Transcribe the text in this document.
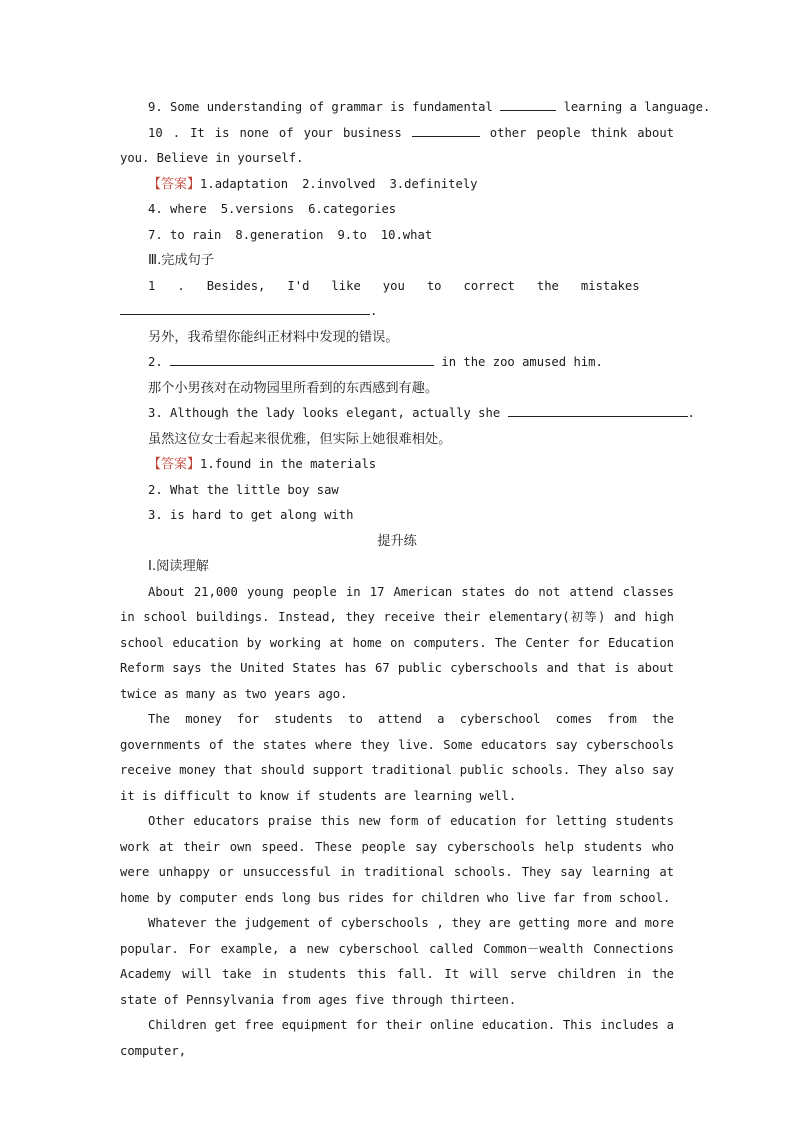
9. Some understanding of grammar is fundamental	learning a language.
10 . It is none of your business	other people think about
you. Believe in yourself.
【答案】1.adaptation 2.involved 3.definitely
4. where 5.versions 6.categories
7. to rain 8.generation 9.to 10.what
Ⅲ.完成句子
1   .   Besides,   I'd   like   you   to   correct   the   mistakes
.
另外，我希望你能纠正材料中发现的错误。
2.	in the zoo amused him.
那个小男孩对在动物园里所看到的东西感到有趣。
3. Although the lady looks elegant, actually she	.
虽然这位女士看起来很优雅，但实际上她很难相处。
【答案】1.found in the materials
2. What the little boy saw
3. is hard to get along with
提升练
Ⅰ.阅读理解

About 21,000 young people in 17 American states do not attend classes in school buildings. Instead, they receive their elementary(初等) and high school education by working at home on computers. The Center for Education Reform says the United States has 67 public cyberschools and that is about twice as many as two years ago.

The money for students to attend a cyberschool comes from the governments of the states where they live. Some educators say cyberschools receive money that should support traditional public schools. They also say it is difficult to know if students are learning well.

Other educators praise this new form of education for letting students work at their own speed. These people say cyberschools help students who were unhappy or unsuccessful in traditional schools. They say learning at home by computer ends long bus rides for children who live far from school.

Whatever the judgement of cyberschools , they are getting more and more popular. For example, a new cyberschool called Common－wealth Connections Academy will take in students this fall. It will serve children in the state of Pennsylvania from ages five through thirteen.

Children get free equipment for their online education. This includes a computer,
